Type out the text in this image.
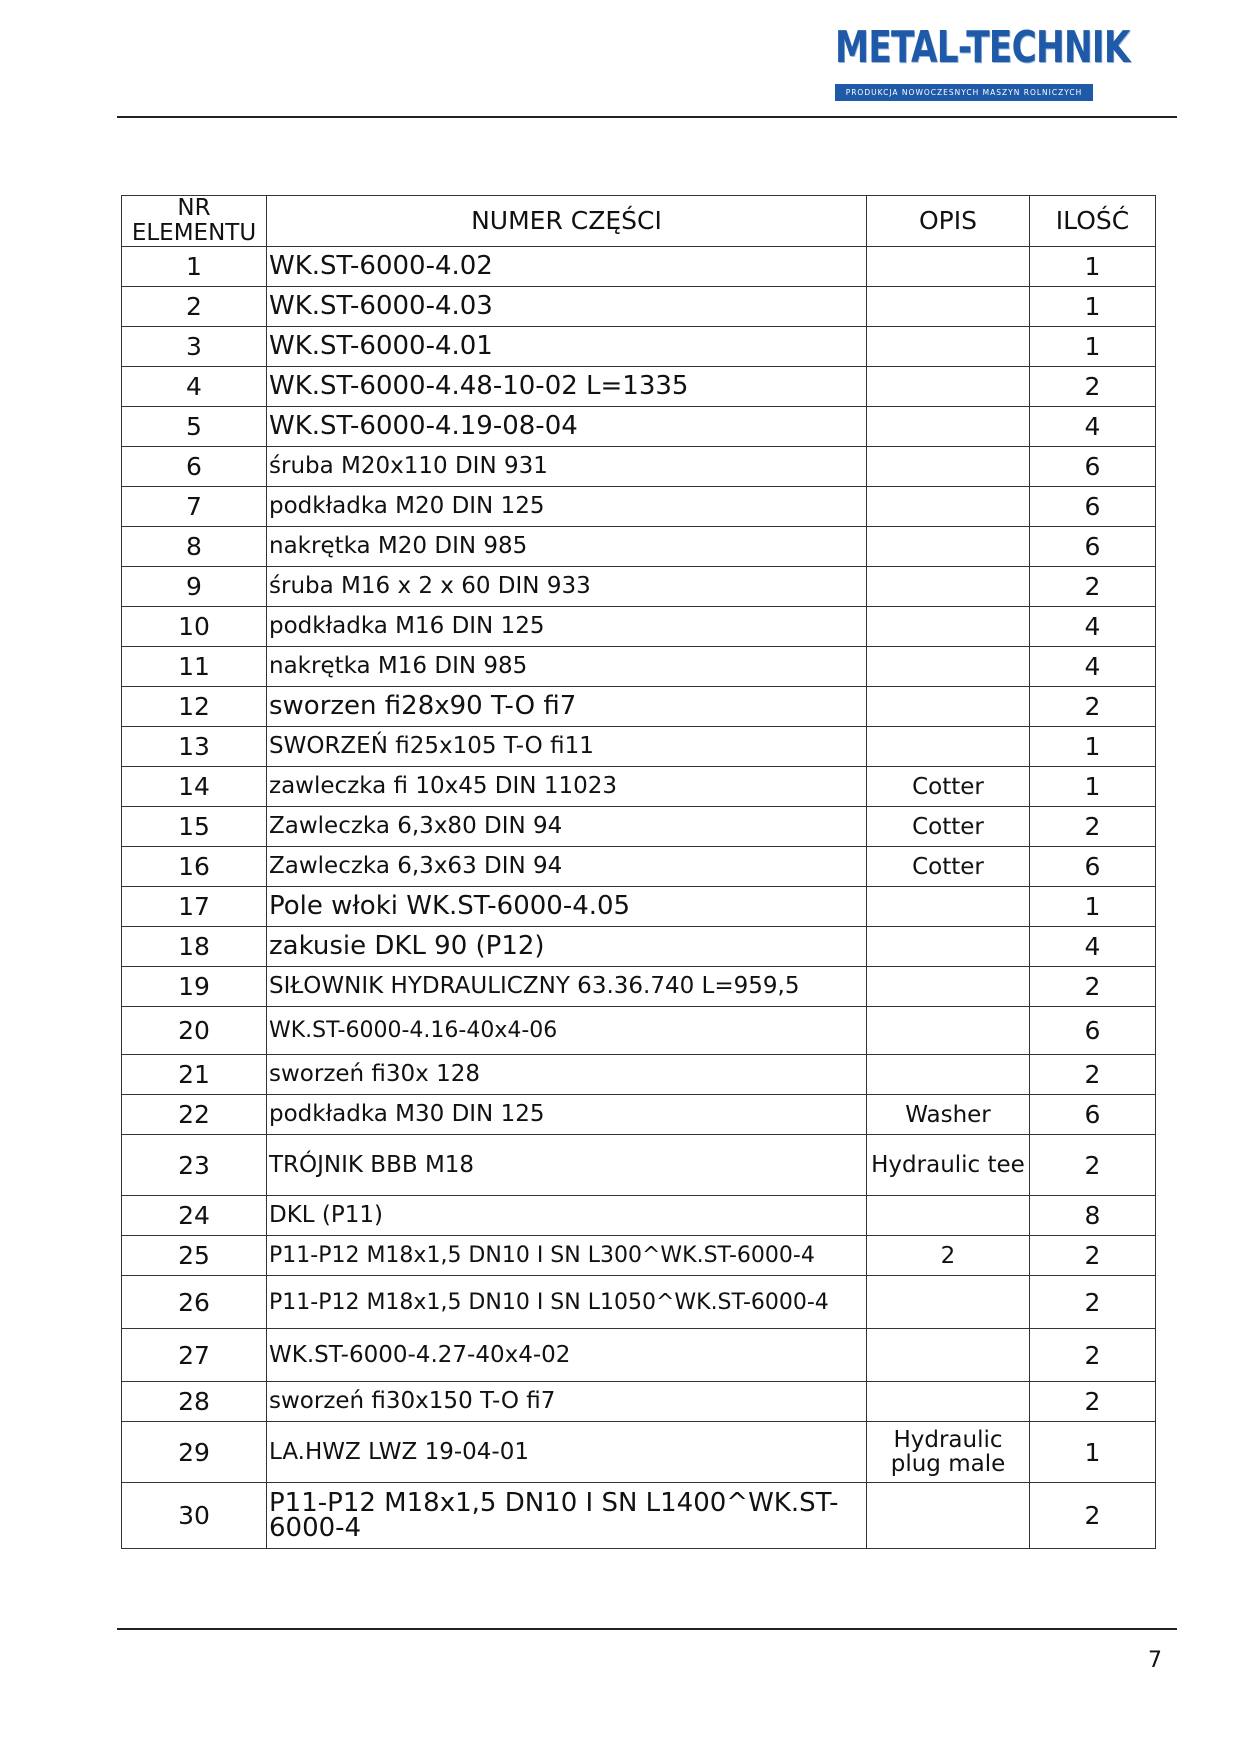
METAL-TECHNIK
PRODUKCJA NOWOCZESNYCH MASZYN ROLNICZYCH
NR ELEMENTU	NUMER CZĘŚCI	OPIS	ILOŚĆ
1	WK.ST-6000-4.02		1
2	WK.ST-6000-4.03		1
3	WK.ST-6000-4.01		1
4	WK.ST-6000-4.48-10-02 L=1335		2
5	WK.ST-6000-4.19-08-04		4
6	śruba M20x110 DIN 931		6
7	podkładka M20 DIN 125		6
8	nakrętka M20 DIN 985		6
9	śruba M16 x 2 x 60 DIN 933		2
10	podkładka M16 DIN 125		4
11	nakrętka M16 DIN 985		4
12	sworzen fi28x90 T-O fi7		2
13	SWORZEŃ fi25x105 T-O fi11		1
14	zawleczka fi 10x45 DIN 11023	Cotter	1
15	Zawleczka 6,3x80 DIN 94	Cotter	2
16	Zawleczka 6,3x63 DIN 94	Cotter	6
17	Pole włoki WK.ST-6000-4.05		1
18	zakusie DKL 90 (P12)		4
19	SIŁOWNIK HYDRAULICZNY 63.36.740 L=959,5		2
20	WK.ST-6000-4.16-40x4-06		6
21	sworzeń fi30x 128		2
22	podkładka M30 DIN 125	Washer	6
23	TRÓJNIK BBB M18	Hydraulic tee	2
24	DKL (P11)		8
25	P11-P12 M18x1,5 DN10 I SN L300^WK.ST-6000-4	2	2
26	P11-P12 M18x1,5 DN10 I SN L1050^WK.ST-6000-4		2
27	WK.ST-6000-4.27-40x4-02		2
28	sworzeń fi30x150 T-O fi7		2
29	LA.HWZ LWZ 19-04-01	Hydraulic plug male	1
30	P11-P12 M18x1,5 DN10 I SN L1400^WK.ST-6000-4		2
7
